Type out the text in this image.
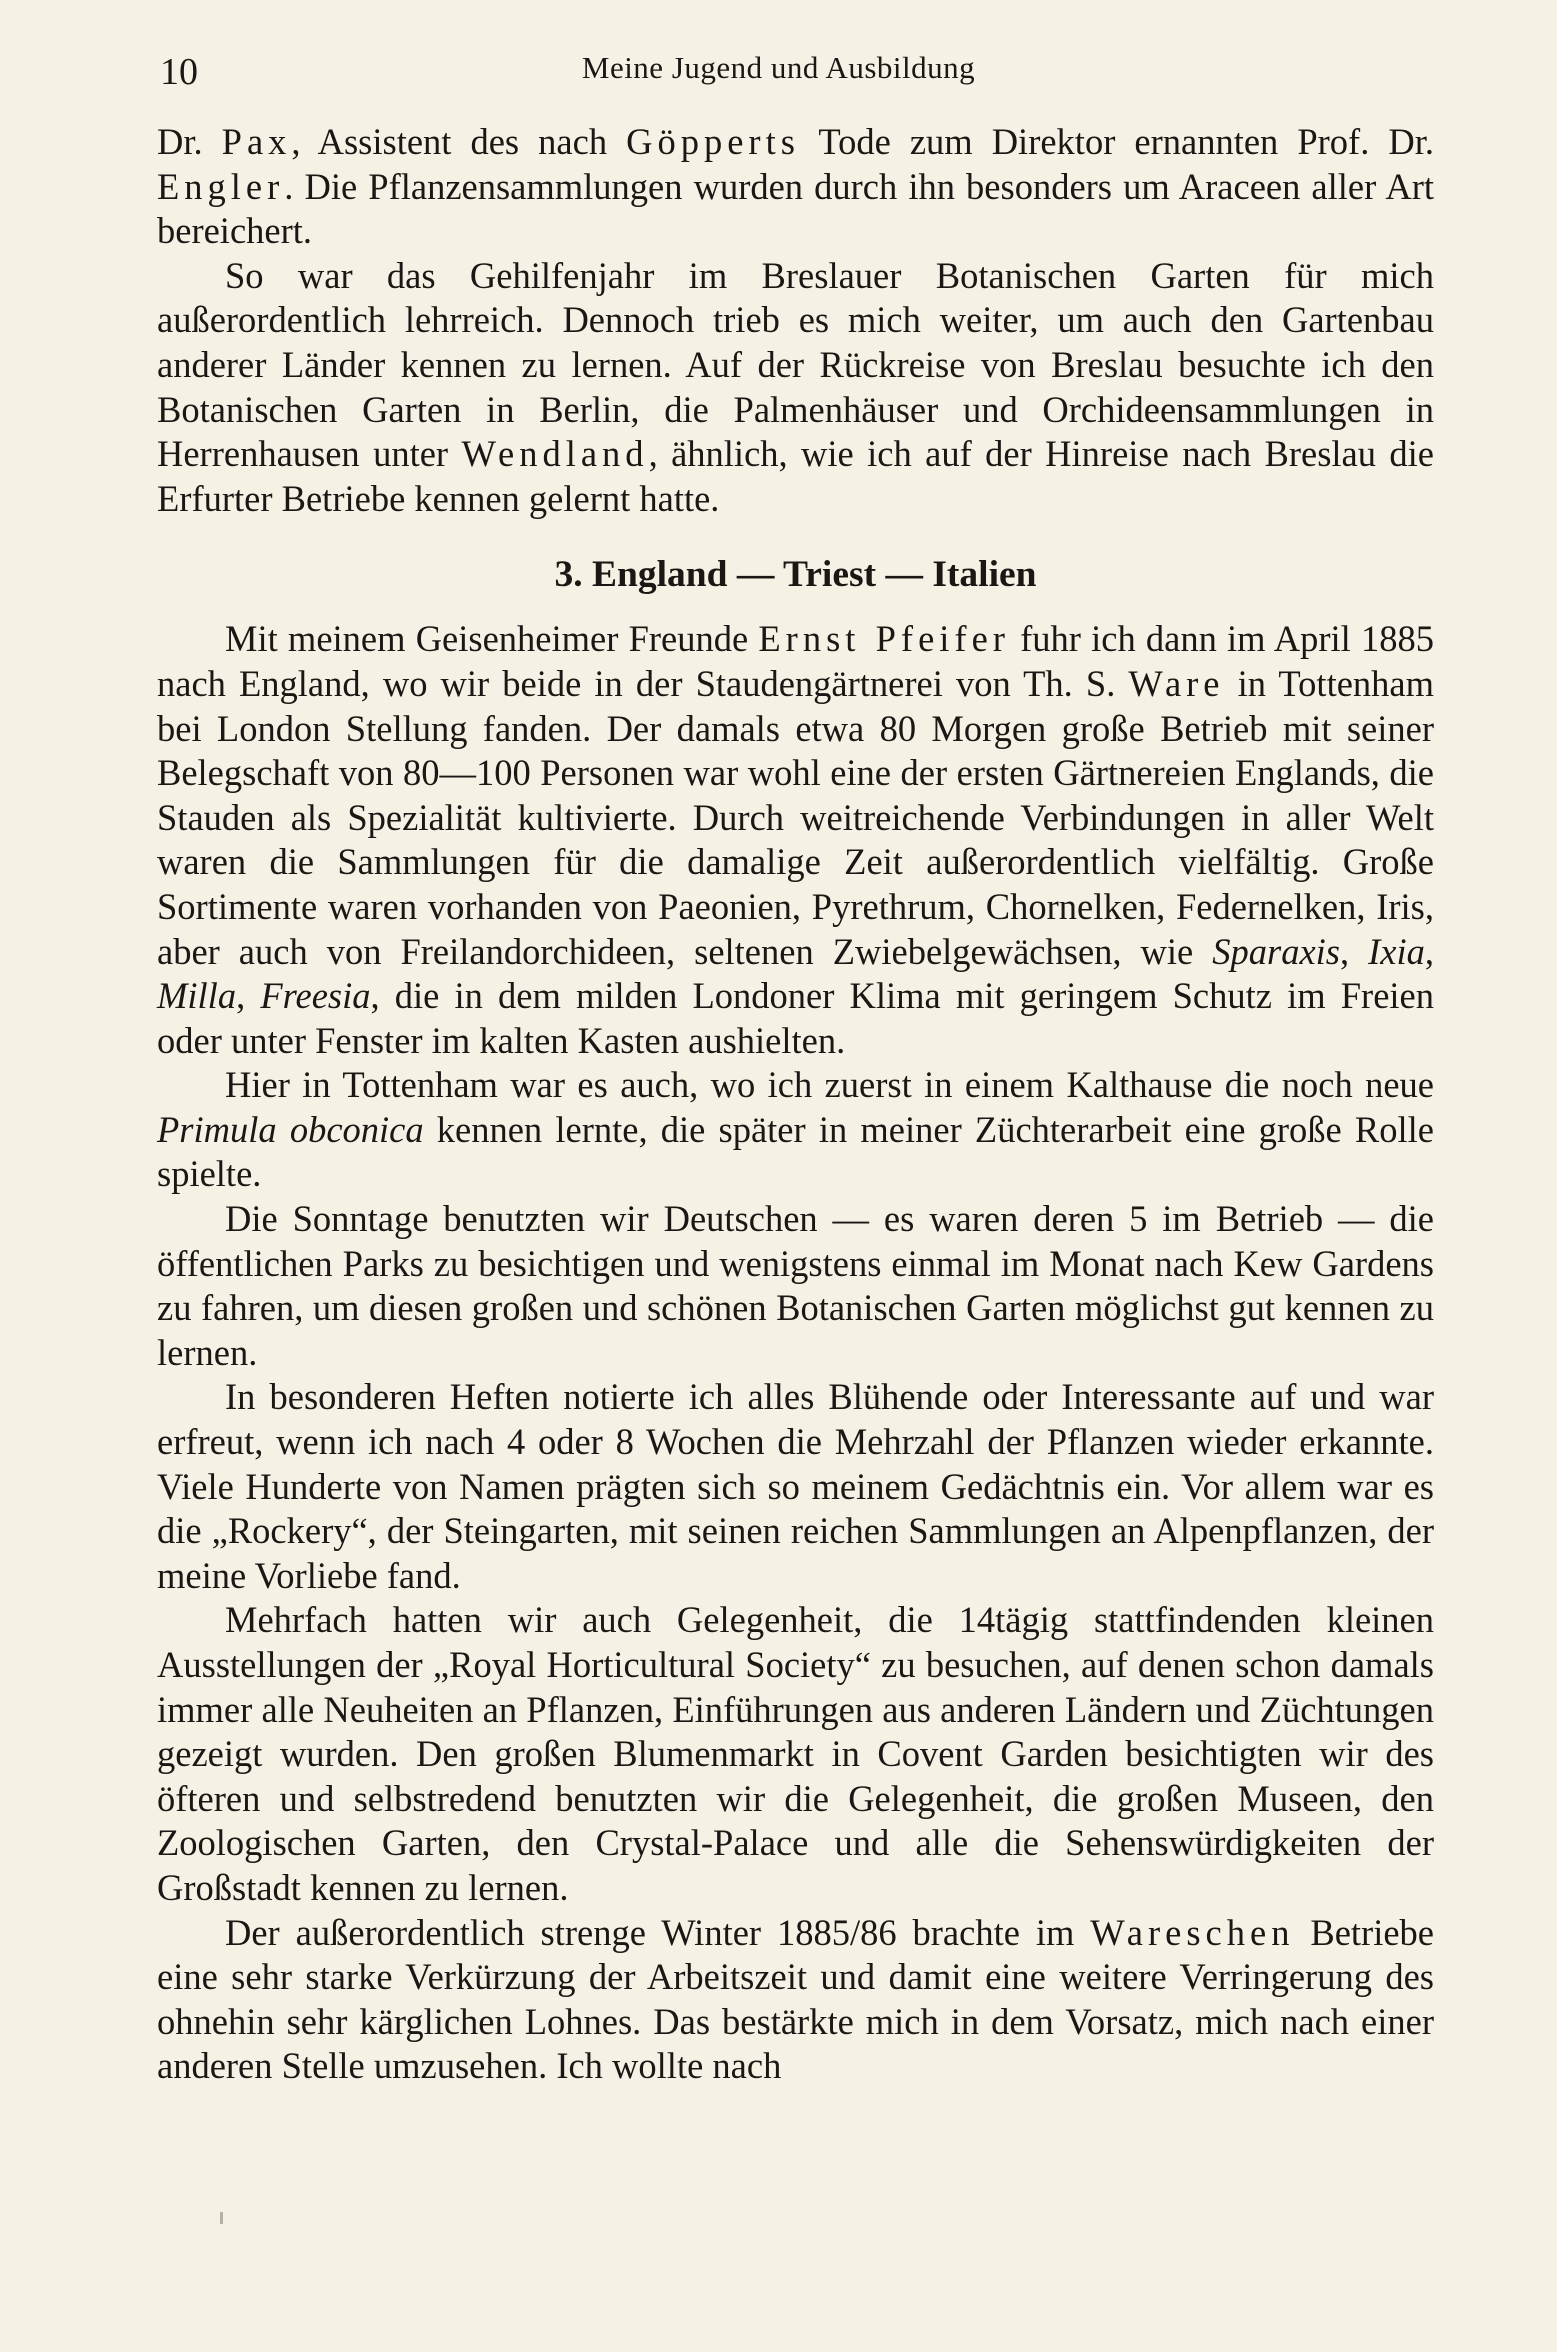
10	Meine Jugend und Ausbildung

Dr. Pax, Assistent des nach Göpperts Tode zum Direktor ernannten Prof. Dr. Engler. Die Pflanzensammlungen wurden durch ihn besonders um Araceen aller Art bereichert.

So war das Gehilfenjahr im Breslauer Botanischen Garten für mich außerordentlich lehrreich. Dennoch trieb es mich weiter, um auch den Gartenbau anderer Länder kennen zu lernen. Auf der Rückreise von Breslau besuchte ich den Botanischen Garten in Berlin, die Palmenhäuser und Orchideensammlungen in Herrenhausen unter Wendland, ähnlich, wie ich auf der Hinreise nach Breslau die Erfurter Betriebe kennen gelernt hatte.

3. England — Triest — Italien

Mit meinem Geisenheimer Freunde Ernst Pfeifer fuhr ich dann im April 1885 nach England, wo wir beide in der Staudengärtnerei von Th. S. Ware in Tottenham bei London Stellung fanden. Der damals etwa 80 Morgen große Betrieb mit seiner Belegschaft von 80—100 Personen war wohl eine der ersten Gärtnereien Englands, die Stauden als Spezialität kultivierte. Durch weitreichende Verbindungen in aller Welt waren die Sammlungen für die damalige Zeit außerordentlich vielfältig. Große Sortimente waren vorhanden von Paeonien, Pyrethrum, Chornelken, Federnelken, Iris, aber auch von Freilandorchideen, seltenen Zwiebelgewächsen, wie Sparaxis, Ixia, Milla, Freesia, die in dem milden Londoner Klima mit geringem Schutz im Freien oder unter Fenster im kalten Kasten aushielten.

Hier in Tottenham war es auch, wo ich zuerst in einem Kalthause die noch neue Primula obconica kennen lernte, die später in meiner Züchterarbeit eine große Rolle spielte.

Die Sonntage benutzten wir Deutschen — es waren deren 5 im Betrieb — die öffentlichen Parks zu besichtigen und wenigstens einmal im Monat nach Kew Gardens zu fahren, um diesen großen und schönen Botanischen Garten möglichst gut kennen zu lernen.

In besonderen Heften notierte ich alles Blühende oder Interessante auf und war erfreut, wenn ich nach 4 oder 8 Wochen die Mehrzahl der Pflanzen wieder erkannte. Viele Hunderte von Namen prägten sich so meinem Gedächtnis ein. Vor allem war es die „Rockery“, der Steingarten, mit seinen reichen Sammlungen an Alpenpflanzen, der meine Vorliebe fand.

Mehrfach hatten wir auch Gelegenheit, die 14tägig stattfindenden kleinen Ausstellungen der „Royal Horticultural Society“ zu besuchen, auf denen schon damals immer alle Neuheiten an Pflanzen, Einführungen aus anderen Ländern und Züchtungen gezeigt wurden. Den großen Blumenmarkt in Covent Garden besichtigten wir des öfteren und selbstredend benutzten wir die Gelegenheit, die großen Museen, den Zoologischen Garten, den Crystal-Palace und alle die Sehenswürdigkeiten der Großstadt kennen zu lernen.

Der außerordentlich strenge Winter 1885/86 brachte im Wareschen Betriebe eine sehr starke Verkürzung der Arbeitszeit und damit eine weitere Verringerung des ohnehin sehr kärglichen Lohnes. Das bestärkte mich in dem Vorsatz, mich nach einer anderen Stelle umzusehen. Ich wollte nach
